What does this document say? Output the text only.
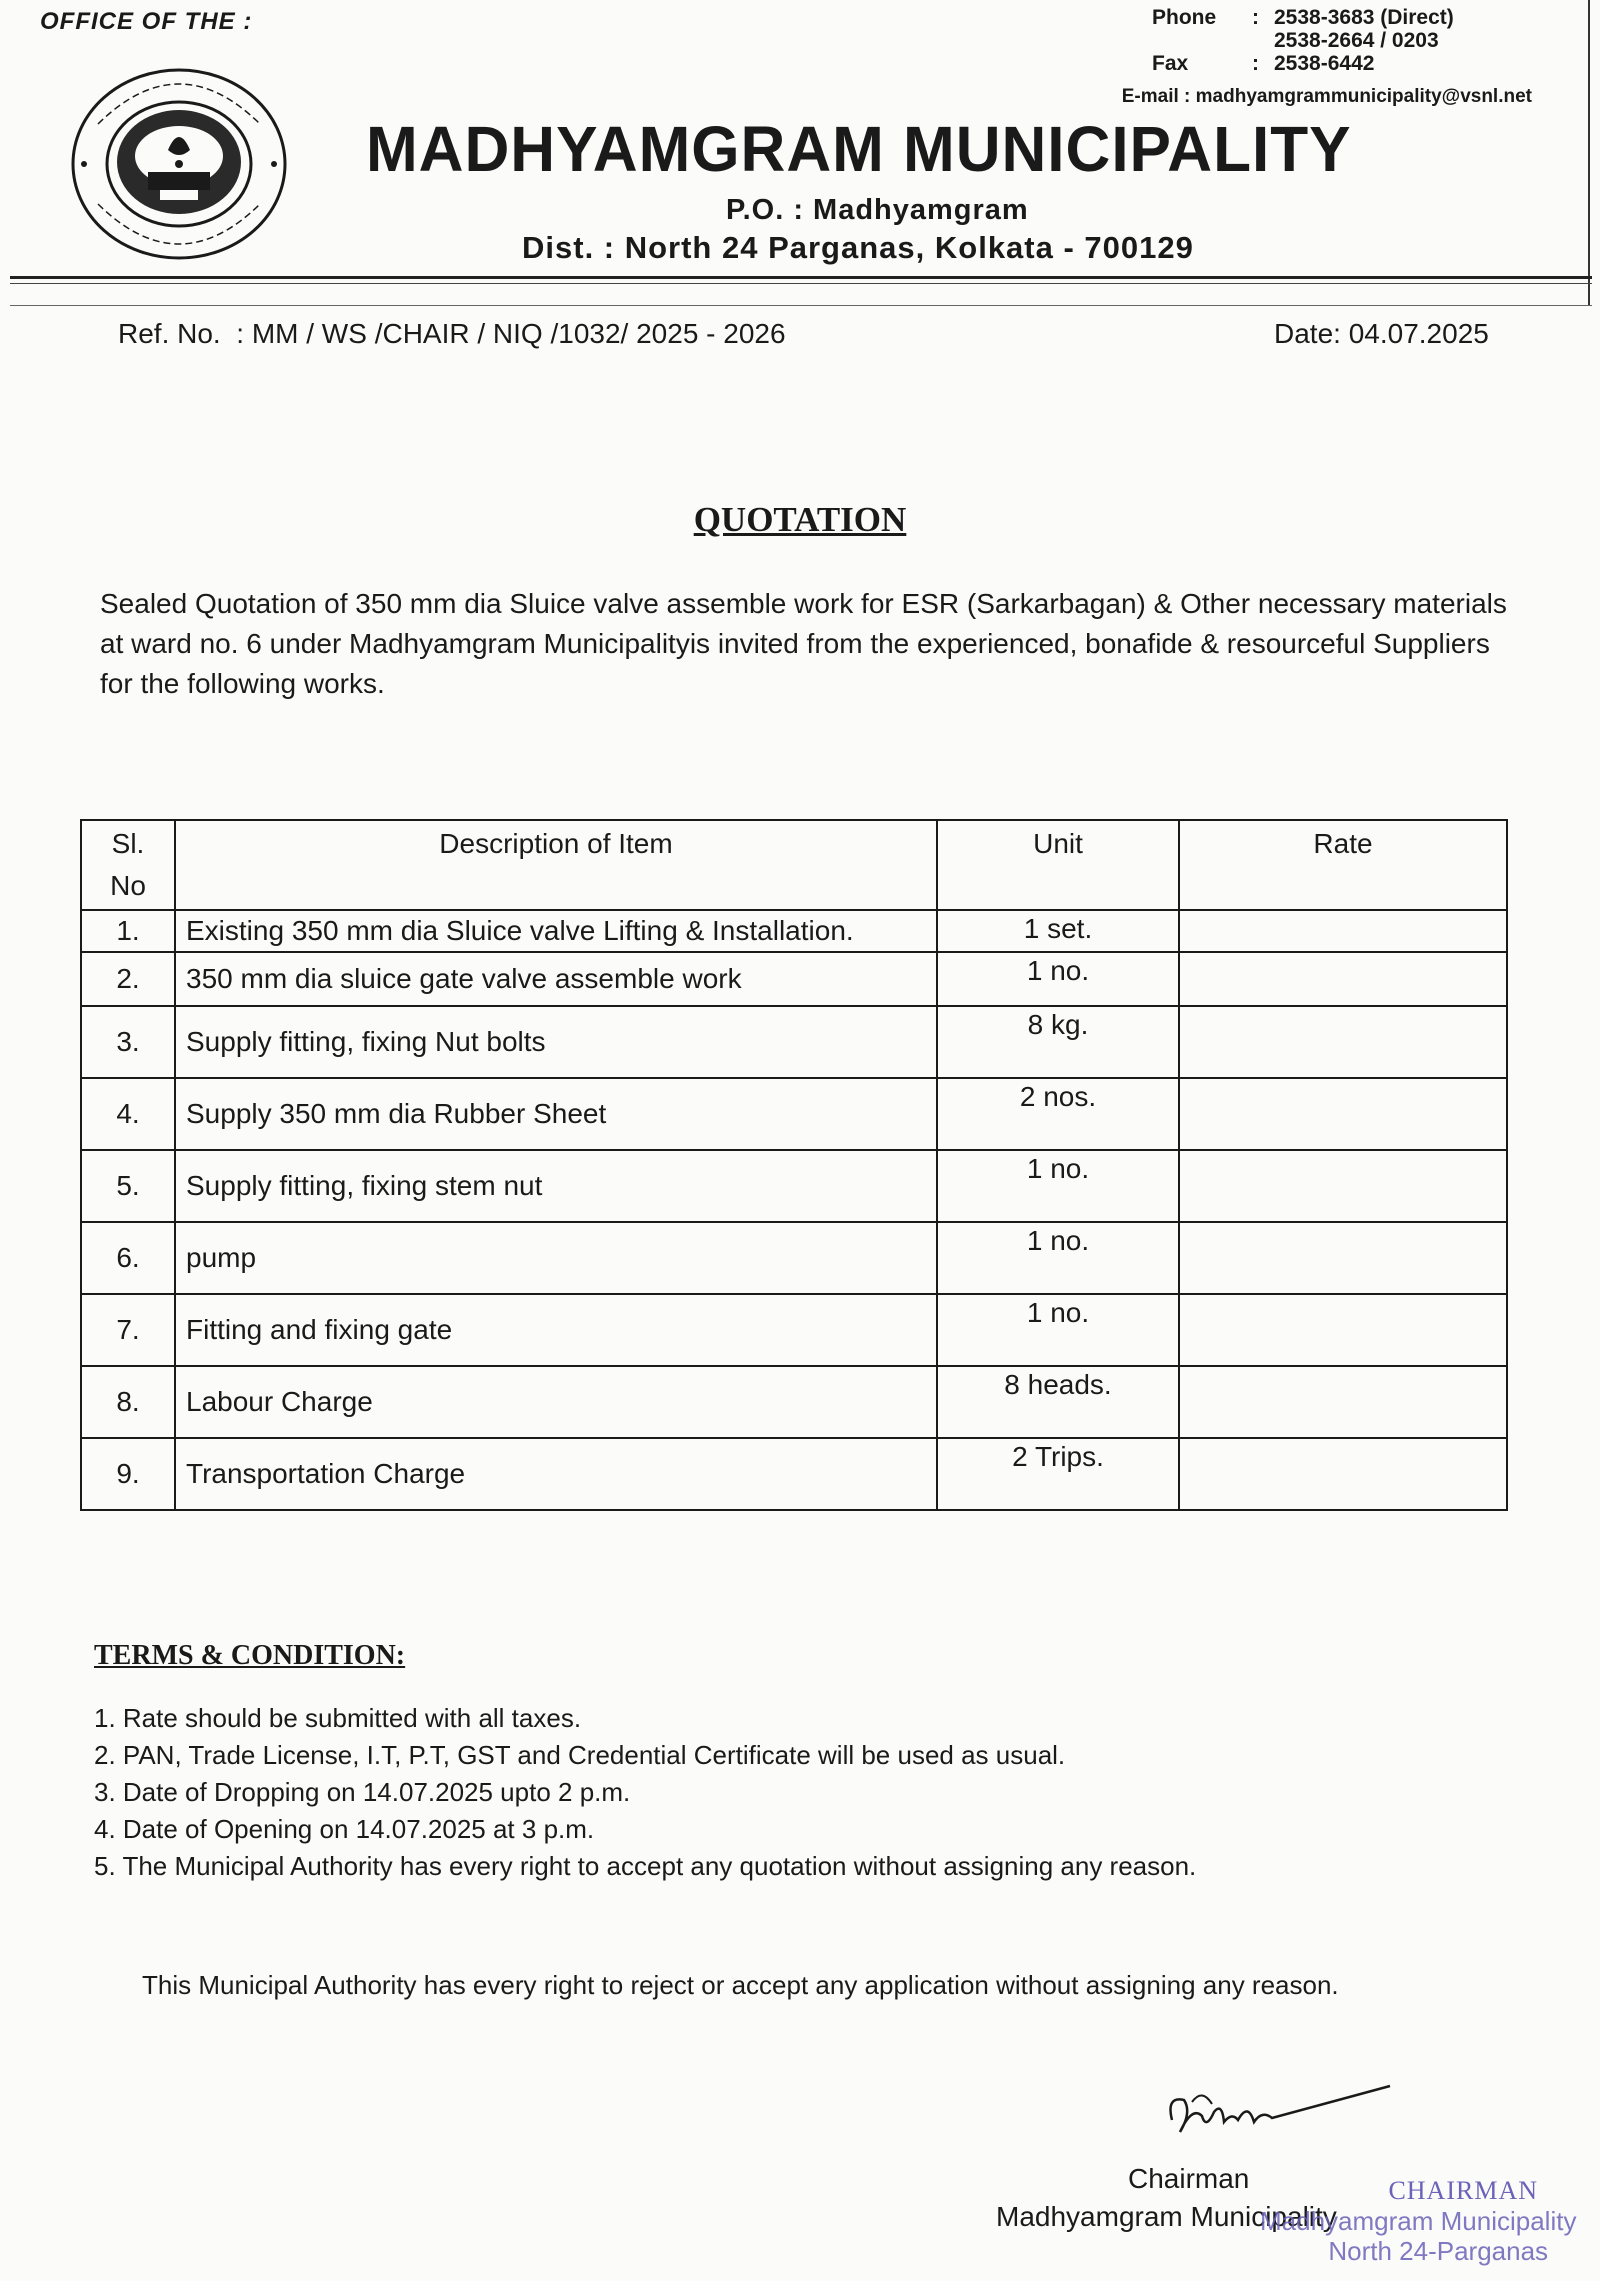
OFFICE OF THE :	Phone	: 2538-3683 (Direct)
2538-2664 / 0203
Fax	: 2538-6442
E-mail : madhyamgrammunicipality@vsnl.net
MADHYAMGRAM MUNICIPALITY
P.O. : Madhyamgram
Dist. : North 24 Parganas, Kolkata - 700129
Ref. No.  : MM / WS /CHAIR / NIQ /1032/ 2025 - 2026	Date: 04.07.2025
QUOTATION
Sealed Quotation of 350 mm dia Sluice valve assemble work for ESR (Sarkarbagan) & Other necessary materials at ward no. 6 under Madhyamgram Municipalityis invited from the experienced, bonafide & resourceful Suppliers for the following works.
Sl.
No	Description of Item	Unit	Rate
1.	Existing 350 mm dia Sluice valve Lifting & Installation.	1 set.	
2.	350 mm dia sluice gate valve assemble work	1 no.	
3.	Supply fitting, fixing Nut bolts	8 kg.	
4.	Supply 350 mm dia Rubber Sheet	2 nos.	
5.	Supply fitting, fixing stem nut	1 no.	
6.	pump	1 no.	
7.	Fitting and fixing gate	1 no.	
8.	Labour Charge	8 heads.	
9.	Transportation Charge	2 Trips.	
TERMS & CONDITION:
1. Rate should be submitted with all taxes.
2. PAN, Trade License, I.T, P.T, GST and Credential Certificate will be used as usual.
3. Date of Dropping on 14.07.2025 upto 2 p.m.
4. Date of Opening on 14.07.2025 at 3 p.m.
5. The Municipal Authority has every right to accept any quotation without assigning any reason.
This Municipal Authority has every right to reject or accept any application without assigning any reason.
Chairman
Madhyamgram Municipality
CHAIRMAN
Madhyamgram Municipality
North 24-Parganas
